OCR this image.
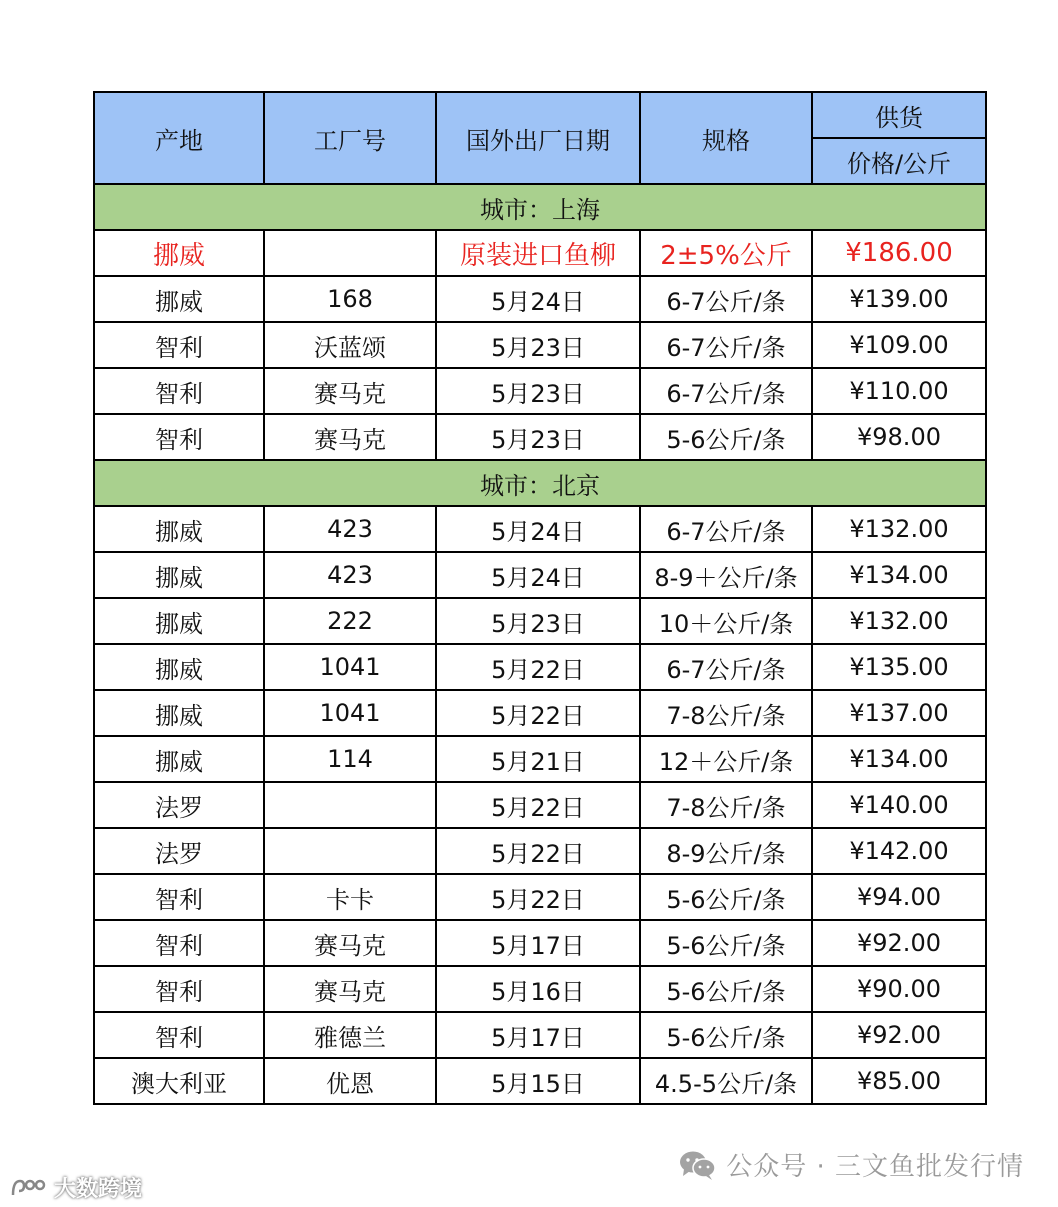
产地	工厂号	国外出厂日期	规格	供货
				价格/公斤
城市：上海				
挪威		原装进口鱼柳	2±5%公斤	¥186.00
挪威	168	5月24日	6-7公斤/条	¥139.00
智利	沃蓝颂	5月23日	6-7公斤/条	¥109.00
智利	赛马克	5月23日	6-7公斤/条	¥110.00
智利	赛马克	5月23日	5-6公斤/条	¥98.00
城市：北京				
挪威	423	5月24日	6-7公斤/条	¥132.00
挪威	423	5月24日	8-9＋公斤/条	¥134.00
挪威	222	5月23日	10＋公斤/条	¥132.00
挪威	1041	5月22日	6-7公斤/条	¥135.00
挪威	1041	5月22日	7-8公斤/条	¥137.00
挪威	114	5月21日	12＋公斤/条	¥134.00
法罗		5月22日	7-8公斤/条	¥140.00
法罗		5月22日	8-9公斤/条	¥142.00
智利	卡卡	5月22日	5-6公斤/条	¥94.00
智利	赛马克	5月17日	5-6公斤/条	¥92.00
智利	赛马克	5月16日	5-6公斤/条	¥90.00
智利	雅德兰	5月17日	5-6公斤/条	¥92.00
澳大利亚	优恩	5月15日	4.5-5公斤/条	¥85.00
公众号 · 三文鱼批发行情
大数跨境
